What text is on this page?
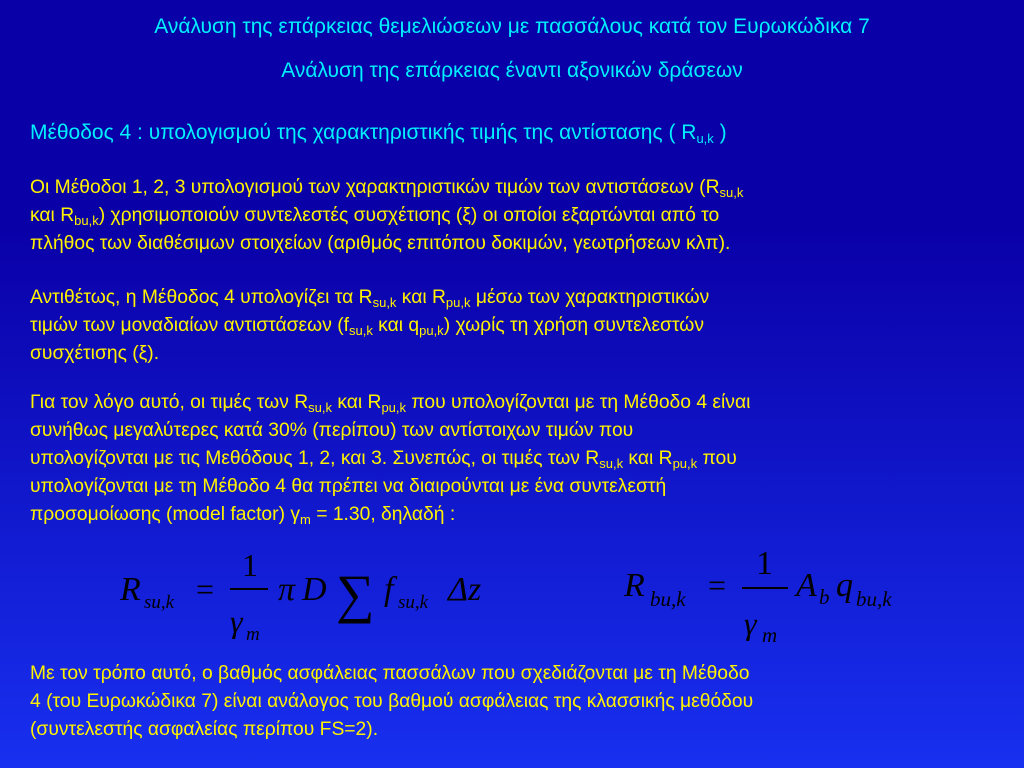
Ανάλυση της επάρκειας θεμελιώσεων με πασσάλους κατά τον Ευρωκώδικα 7
Ανάλυση της επάρκειας έναντι αξονικών δράσεων
Μέθοδος 4 : υπολογισμού της χαρακτηριστικής τιμής της αντίστασης ( $R_{u,k}$ )
Οι Μέθοδοι 1, 2, 3 υπολογισμού των χαρακτηριστικών τιμών των αντιστάσεων ($R_{su,k}$
και $R_{bu,k}$) χρησιμοποιούν συντελεστές συσχέτισης (ξ) οι οποίοι εξαρτώνται από το
πλήθος των διαθέσιμων στοιχείων (αριθμός επιτόπου δοκιμών, γεωτρήσεων κλπ).
Αντιθέτως, η Μέθοδος 4 υπολογίζει τα $R_{su,k}$ και $R_{pu,k}$ μέσω των χαρακτηριστικών
τιμών των μοναδιαίων αντιστάσεων ($f_{su,k}$ και $q_{pu,k}$) χωρίς τη χρήση συντελεστών
συσχέτισης (ξ).
Για τον λόγο αυτό, οι τιμές των $R_{su,k}$ και $R_{pu,k}$ που υπολογίζονται με τη Μέθοδο 4 είναι
συνήθως μεγαλύτερες κατά 30% (περίπου) των αντίστοιχων τιμών που
υπολογίζονται με τις Μεθόδους 1, 2, και 3. Συνεπώς, οι τιμές των $R_{su,k}$ και $R_{pu,k}$ που
υπολογίζονται με τη Μέθοδο 4 θα πρέπει να διαιρούνται με ένα συντελεστή
προσομοίωσης (model factor) $\gamma_m = 1.30$, δηλαδή :
R su,k =
1
γ m
π D ∑ f su,k Δz	R bu,k =
1
γ m
A b q bu,k
Με τον τρόπο αυτό, ο βαθμός ασφάλειας πασσάλων που σχεδιάζονται με τη Μέθοδο
4 (του Ευρωκώδικα 7) είναι ανάλογος του βαθμού ασφάλειας της κλασσικής μεθόδου
(συντελεστής ασφαλείας περίπου FS=2).
